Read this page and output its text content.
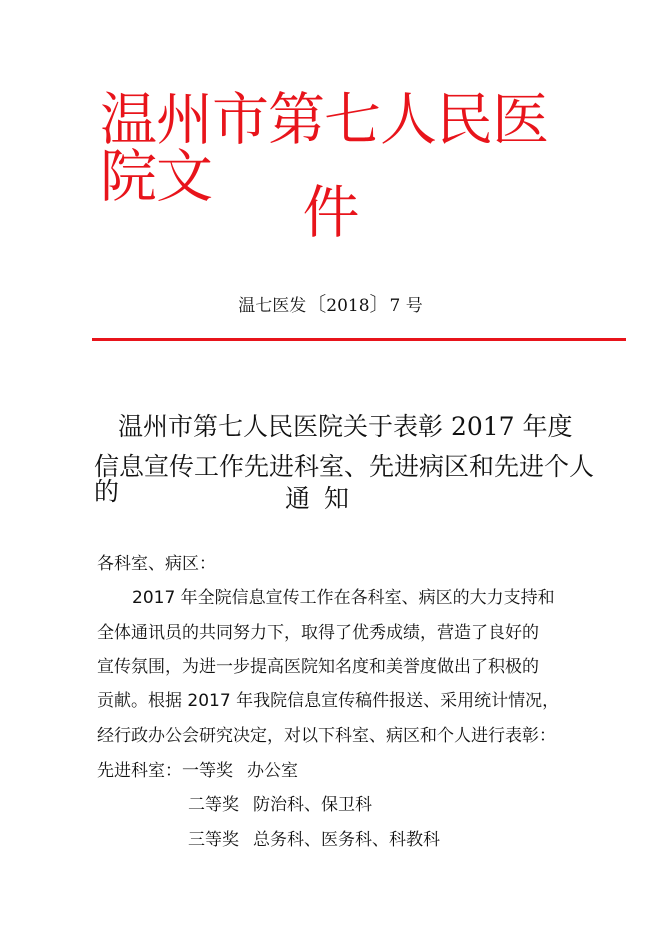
温州市第七人民医院文
件
温七医发〔2018〕7 号
温州市第七人民医院关于表彰 2017 年度
信息宣传工作先进科室、先进病区和先进个人的	通知
各科室、病区：
2017 年全院信息宣传工作在各科室、病区的大力支持和
全体通讯员的共同努力下，取得了优秀成绩，营造了良好的
宣传氛围，为进一步提高医院知名度和美誉度做出了积极的
贡献。根据 2017 年我院信息宣传稿件报送、采用统计情况，
经行政办公会研究决定，对以下科室、病区和个人进行表彰：
先进科室：一等奖 办公室
二等奖 防治科、保卫科
三等奖 总务科、医务科、科教科
